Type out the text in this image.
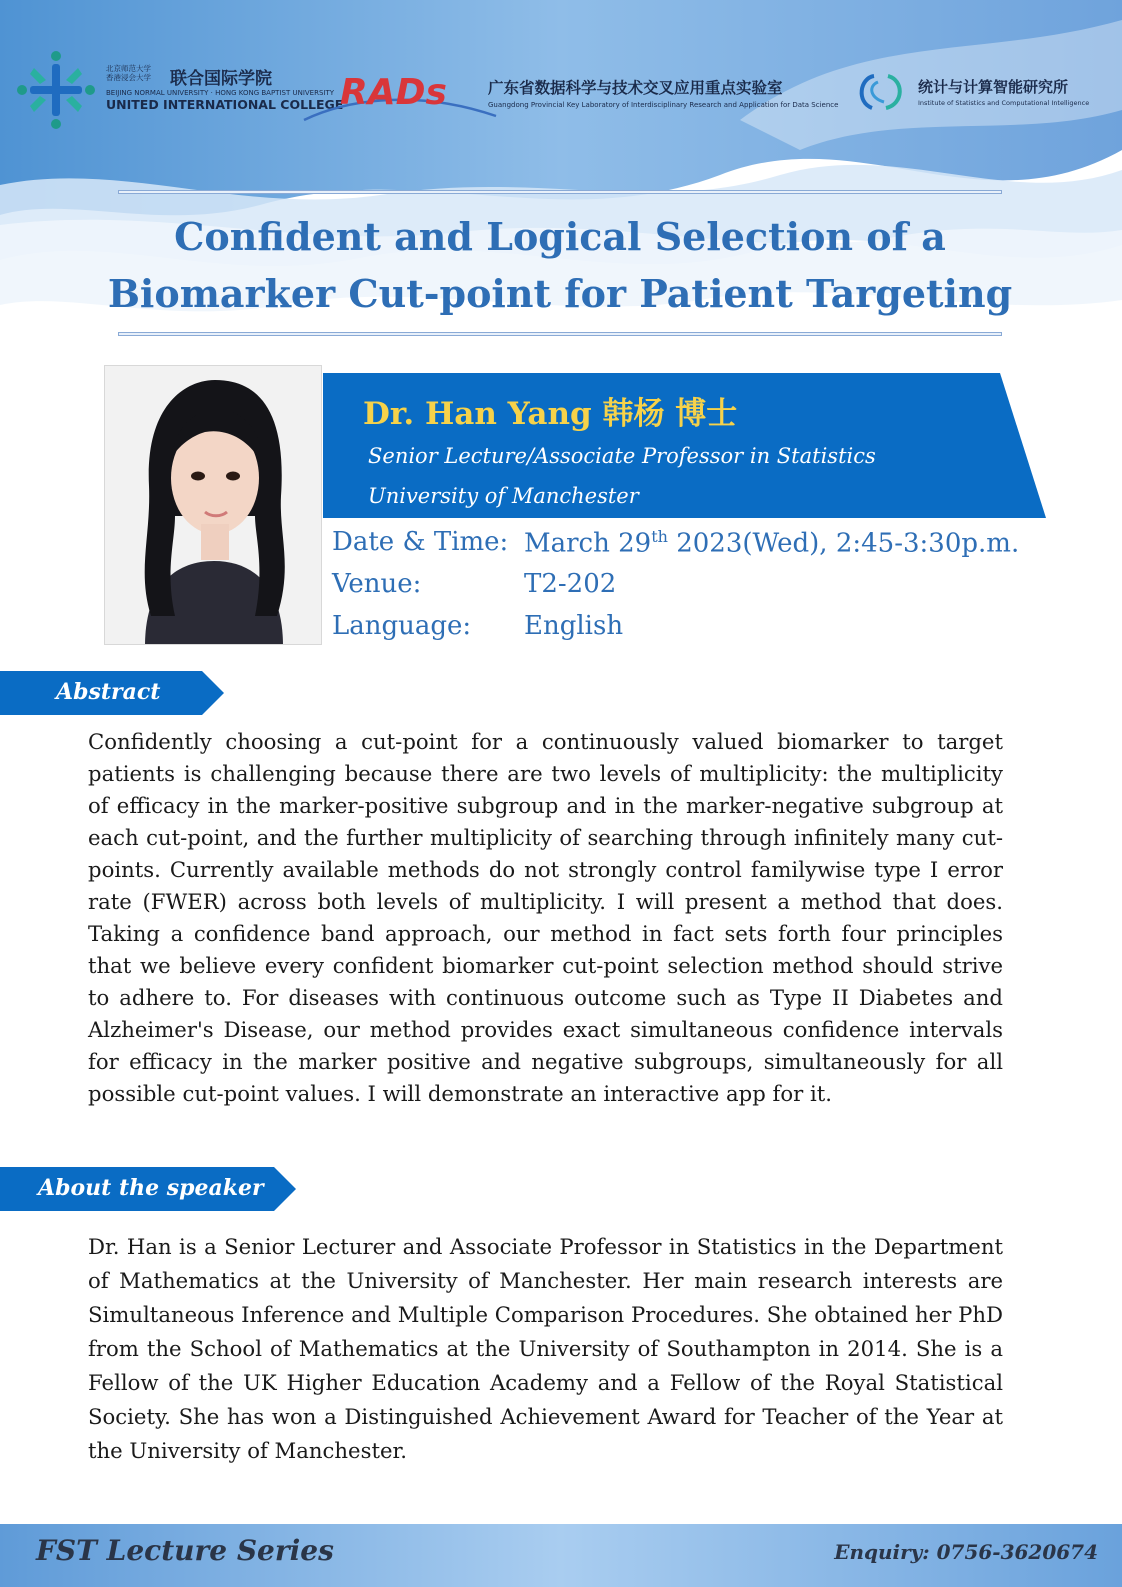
北京师范大学
香港浸会大学	联合国际学院
BEIJING NORMAL UNIVERSITY · HONG KONG BAPTIST UNIVERSITY
UNITED INTERNATIONAL COLLEGE
RADs	广东省数据科学与技术交叉应用重点实验室
Guangdong Provincial Key Laboratory of Interdisciplinary Research and Application for Data Science
统计与计算智能研究所
Institute of Statistics and Computational Intelligence
Confident and Logical Selection of a
Biomarker Cut-point for Patient Targeting
Dr. Han Yang 韩杨 博士
Senior Lecture/Associate Professor in Statistics
University of Manchester
Date & Time: March 29th 2023(Wed), 2:45-3:30p.m.
Venue:	T2-202
Language: English
Abstract
Confidently choosing a cut-point for a continuously valued biomarker to target patients is challenging because there are two levels of multiplicity: the multiplicity of efficacy in the marker-positive subgroup and in the marker-negative subgroup at each cut-point, and the further multiplicity of searching through infinitely many cut-points. Currently available methods do not strongly control familywise type I error rate (FWER) across both levels of multiplicity. I will present a method that does. Taking a confidence band approach, our method in fact sets forth four principles that we believe every confident biomarker cut-point selection method should strive to adhere to. For diseases with continuous outcome such as Type II Diabetes and Alzheimer's Disease, our method provides exact simultaneous confidence intervals for efficacy in the marker positive and negative subgroups, simultaneously for all possible cut-point values. I will demonstrate an interactive app for it.
About the speaker
Dr. Han is a Senior Lecturer and Associate Professor in Statistics in the Department of Mathematics at the University of Manchester. Her main research interests are Simultaneous Inference and Multiple Comparison Procedures. She obtained her PhD from the School of Mathematics at the University of Southampton in 2014. She is a Fellow of the UK Higher Education Academy and a Fellow of the Royal Statistical Society. She has won a Distinguished Achievement Award for Teacher of the Year at the University of Manchester.
FST Lecture Series	Enquiry: 0756-3620674
